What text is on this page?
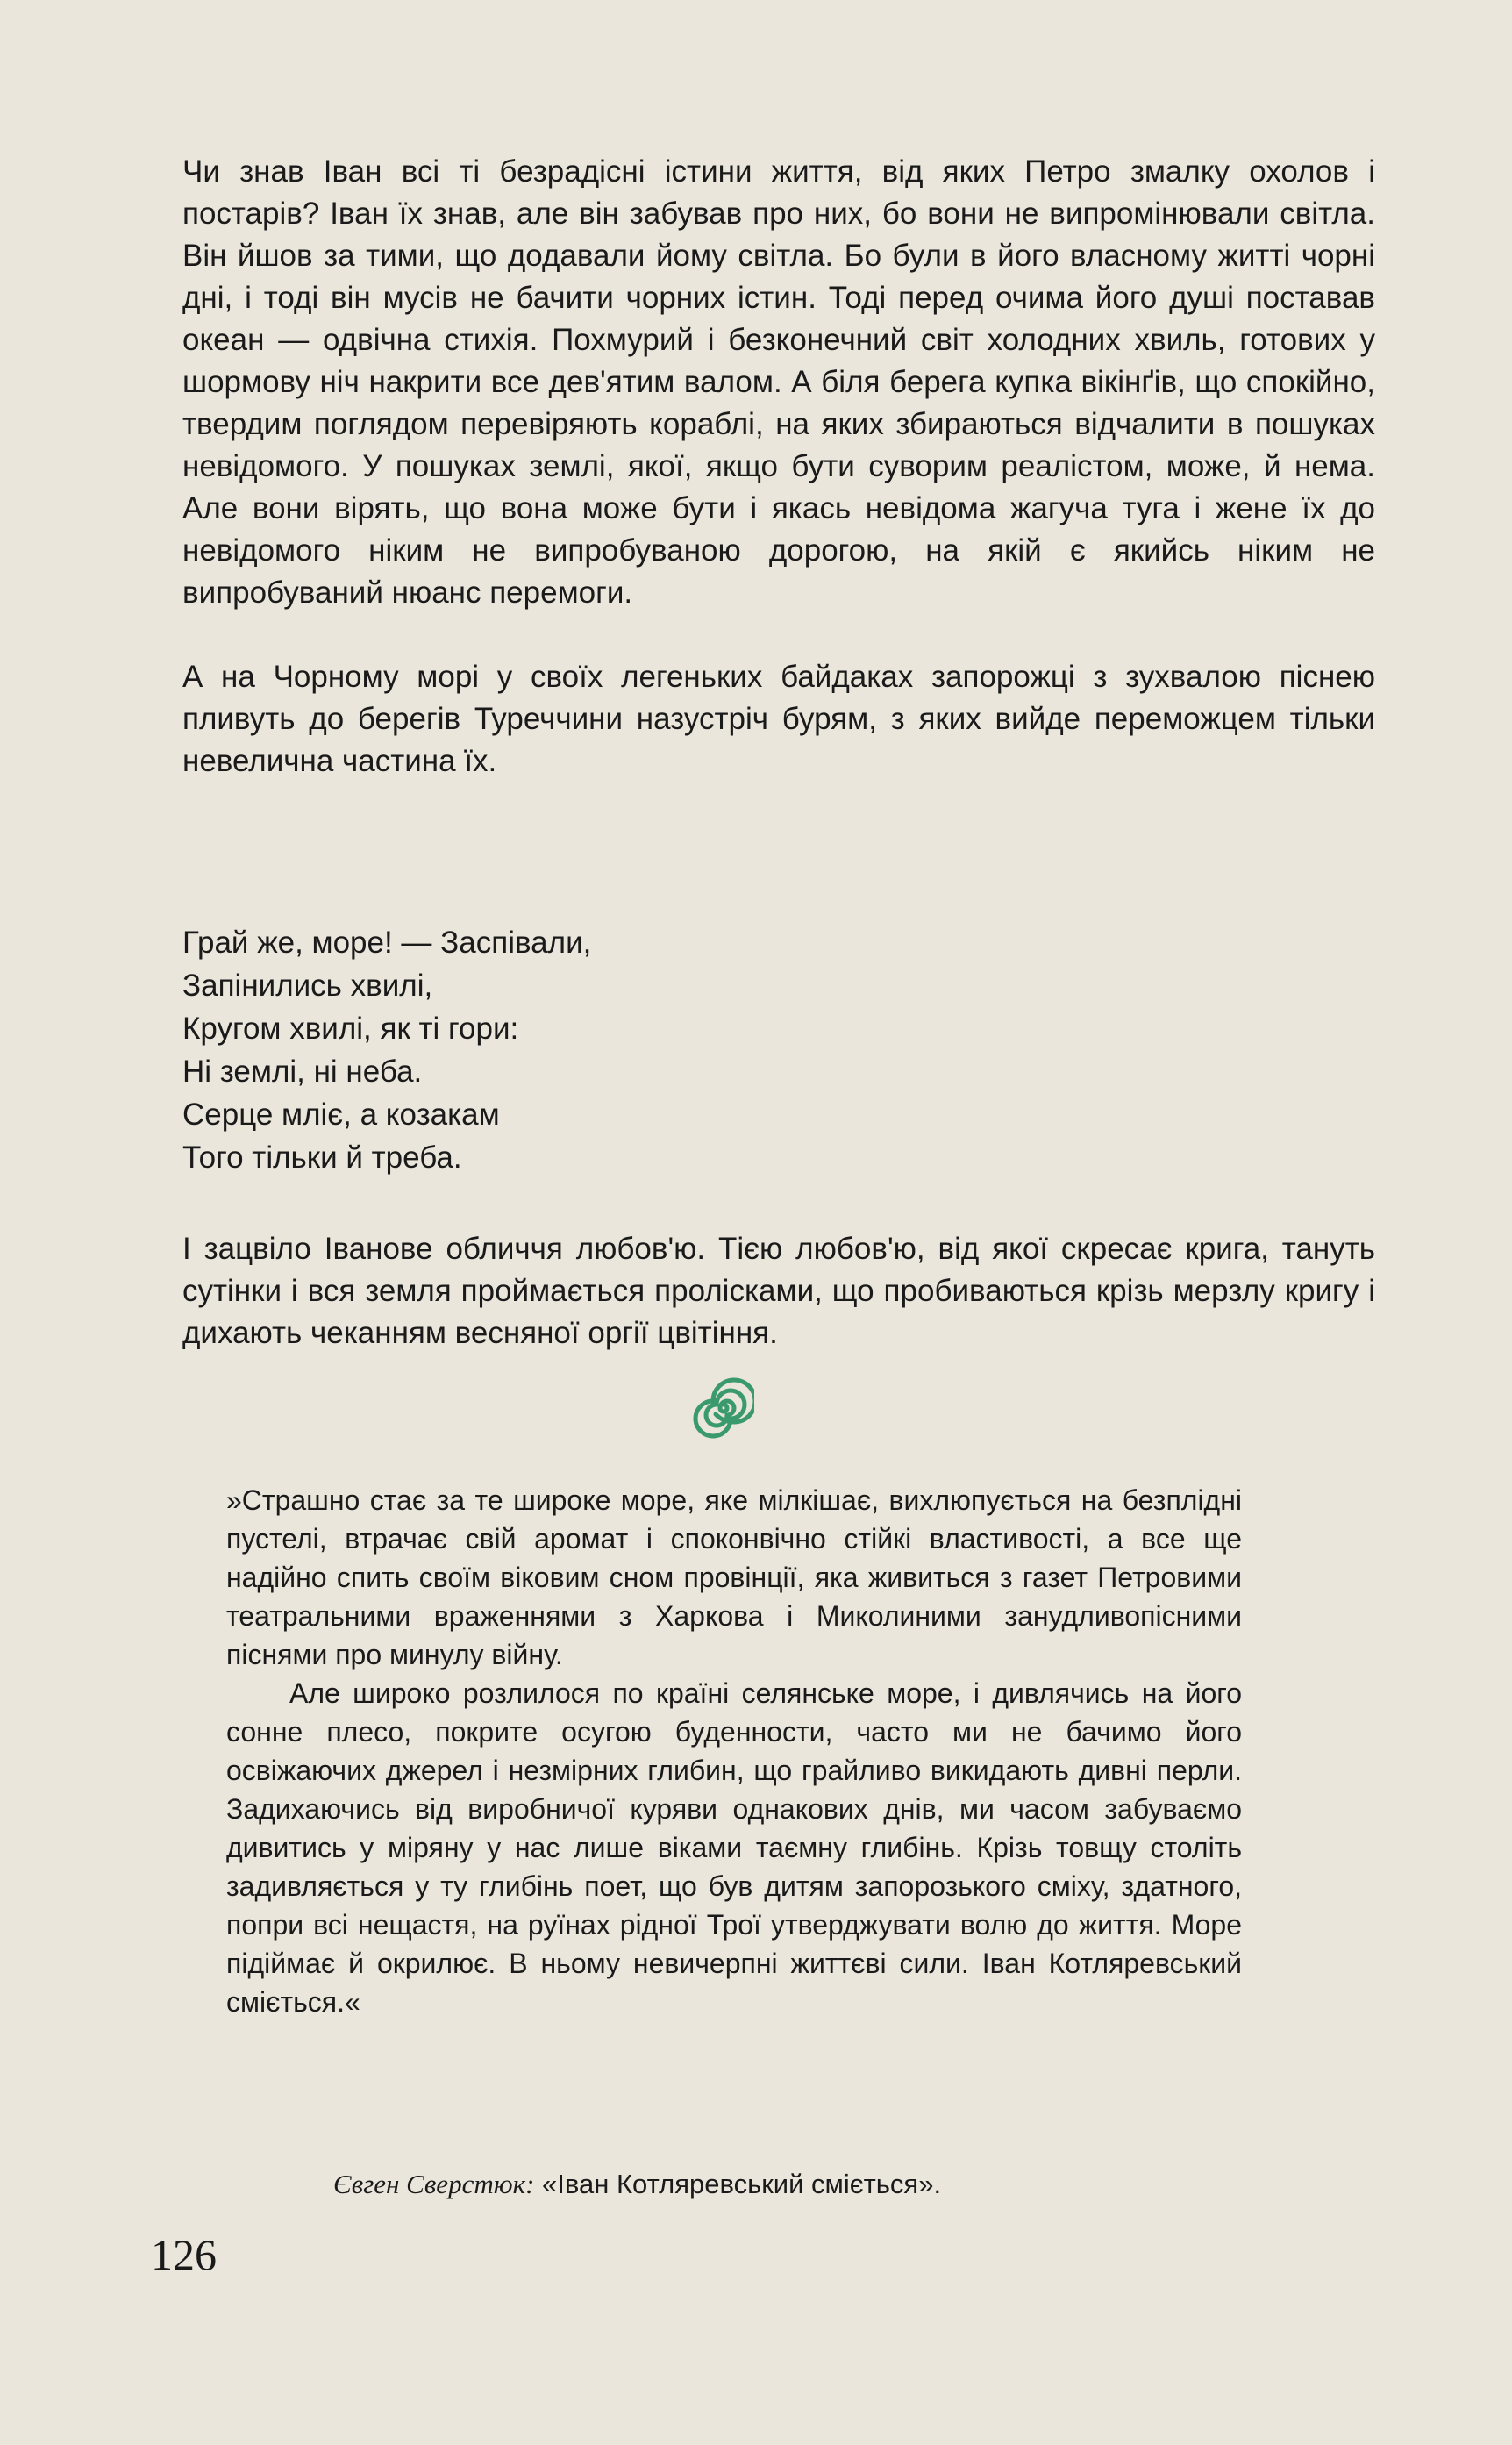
Чи знав Іван всі ті безрадісні істини життя, від яких Петро змалку охолов і постарів? Іван їх знав, але він забував про них, бо вони не випромінювали світла. Він йшов за тими, що додавали йому світла. Бо були в його власному житті чорні дні, і тоді він мусів не бачити чорних істин. Тоді перед очима його душі поставав океан — одвічна стихія. Похмурий і безконечний світ холодних хвиль, готових у шормову ніч накрити все дев'ятим валом. А біля берега купка вікінґів, що спокійно, твердим поглядом перевіряють кораблі, на яких збираються відчалити в пошуках невідомого. У пошуках землі, якої, якщо бути суворим реалістом, може, й нема. Але вони вірять, що вона може бути і якась невідома жагуча туга і жене їх до невідомого ніким не випробуваною дорогою, на якій є якийсь ніким не випробуваний нюанс перемоги.

А на Чорному морі у своїх легеньких байдаках запорожці з зухвалою піснею пливуть до берегів Туреччини назустріч бурям, з яких вийде переможцем тільки невелична частина їх.

Грай же, море! — Заспівали,
Запінились хвилі,
Кругом хвилі, як ті гори:
Ні землі, ні неба.
Серце мліє, а козакам
Того тільки й треба.

І зацвіло Іванове обличчя любов'ю. Тією любов'ю, від якої скресає крига, тануть сутінки і вся земля проймається пролісками, що пробиваються крізь мерзлу кригу і дихають чеканням весняної оргії цвітіння.

»Страшно стає за те широке море, яке мілкішає, вихлюпується на безплідні пустелі, втрачає свій аромат і споконвічно стійкі властивості, а все ще надійно спить своїм віковим сном провінції, яка живиться з газет Петровими театральними враженнями з Харкова і Миколиними занудливопісними піснями про минулу війну.

Але широко розлилося по країні селянське море, і дивлячись на його сонне плесо, покрите осугою буденности, часто ми не бачимо його освіжаючих джерел і незмірних глибин, що грайливо викидають дивні перли. Задихаючись від виробничої куряви однакових днів, ми часом забуваємо дивитись у міряну у нас лише віками таємну глибінь. Крізь товщу століть задивляється у ту глибінь поет, що був дитям запорозького сміху, здатного, попри всі нещастя, на руїнах рідної Трої утверджувати волю до життя. Море підіймає й окрилює. В ньому невичерпні життєві сили. Іван Котляревський сміється.«

Євген Сверстюк: «Іван Котляревський сміється».
126
